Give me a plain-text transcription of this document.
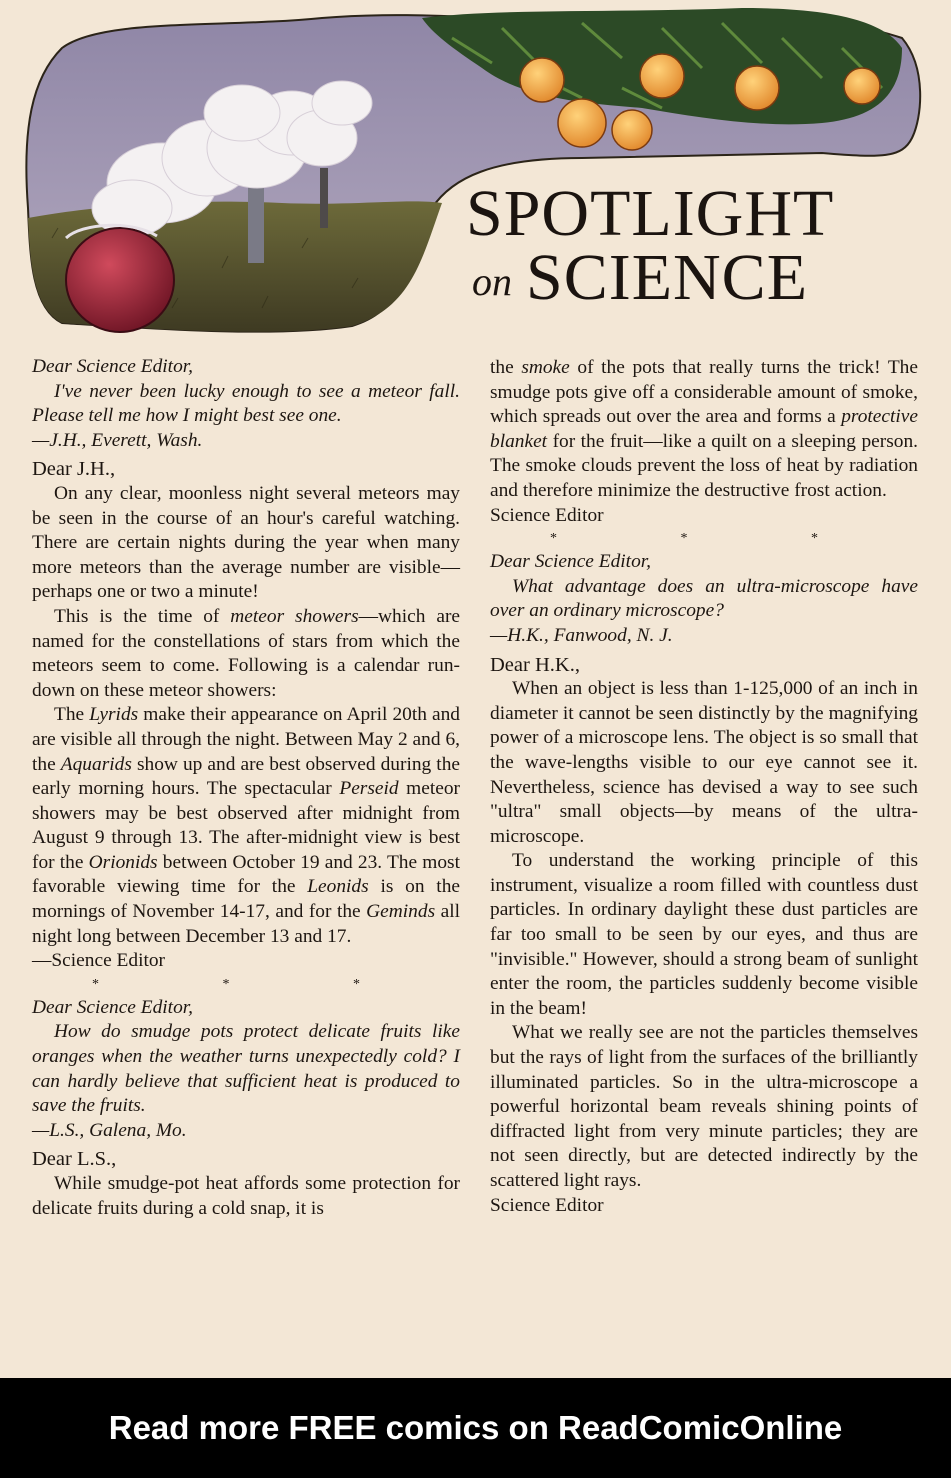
SPOTLIGHT
on SCIENCE

Dear Science Editor,

I've never been lucky enough to see a meteor fall. Please tell me how I might best see one.

—J.H., Everett, Wash.

Dear J.H.,

On any clear, moonless night several meteors may be seen in the course of an hour's careful watching. There are certain nights during the year when many more meteors than the average number are visible—perhaps one or two a minute!

This is the time of meteor showers—which are named for the constellations of stars from which the meteors seem to come. Following is a calendar run-down on these meteor showers:

The Lyrids make their appearance on April 20th and are visible all through the night. Between May 2 and 6, the Aquarids show up and are best observed during the early morning hours. The spectacular Perseid meteor showers may be best observed after midnight from August 9 through 13. The after-midnight view is best for the Orionids between October 19 and 23. The most favorable viewing time for the Leonids is on the mornings of November 14-17, and for the Geminds all night long between December 13 and 17.

—Science Editor

* * *

Dear Science Editor,

How do smudge pots protect delicate fruits like oranges when the weather turns unexpectedly cold? I can hardly believe that sufficient heat is produced to save the fruits.

—L.S., Galena, Mo.

Dear L.S.,

While smudge-pot heat affords some protection for delicate fruits during a cold snap, it is

the smoke of the pots that really turns the trick! The smudge pots give off a considerable amount of smoke, which spreads out over the area and forms a protective blanket for the fruit—like a quilt on a sleeping person. The smoke clouds prevent the loss of heat by radiation and therefore minimize the destructive frost action.

Science Editor

* * *

Dear Science Editor,

What advantage does an ultra-microscope have over an ordinary microscope?

—H.K., Fanwood, N. J.

Dear H.K.,

When an object is less than 1-125,000 of an inch in diameter it cannot be seen distinctly by the magnifying power of a microscope lens. The object is so small that the wave-lengths visible to our eye cannot see it. Nevertheless, science has devised a way to see such "ultra" small objects—by means of the ultra-microscope.

To understand the working principle of this instrument, visualize a room filled with countless dust particles. In ordinary daylight these dust particles are far too small to be seen by our eyes, and thus are "invisible." However, should a strong beam of sunlight enter the room, the particles suddenly become visible in the beam!

What we really see are not the particles themselves but the rays of light from the surfaces of the brilliantly illuminated particles. So in the ultra-microscope a powerful horizontal beam reveals shining points of diffracted light from very minute particles; they are not seen directly, but are detected indirectly by the scattered light rays.

Science Editor

Read more FREE comics on ReadComicOnline
